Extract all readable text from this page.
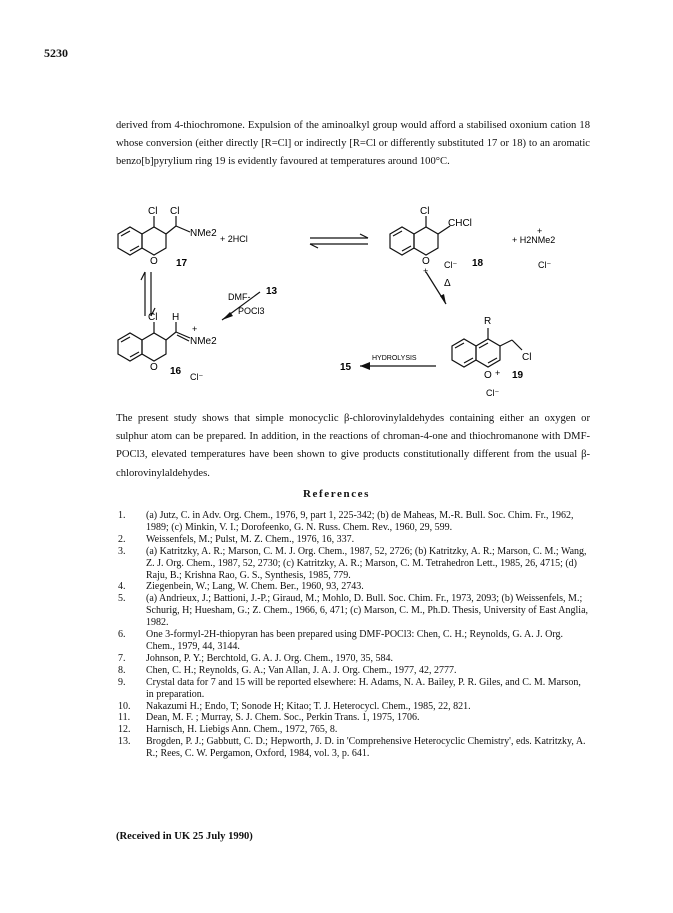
5230

derived from 4-thiochromone. Expulsion of the aminoalkyl group would afford a stabilised oxonium cation 18 whose conversion (either directly [R=Cl] or indirectly [R=Cl or differently substituted 17 or 18) to an aromatic benzo[b]pyrylium ring 19 is evidently favoured at temperatures around 100°C.

Cl Cl
NMe2
O 17
+ 2HCl
Cl
CHCl
O
+
Cl⁻ 18
+
+ H2NMe2
Cl⁻
13
DMF-
POCl3
Δ
Cl H
+
NMe2
O 16 Cl⁻
HYDROLYSIS
15
R
Cl
O + 19
Cl⁻

The present study shows that simple monocyclic β-chlorovinylaldehydes containing either an oxygen or sulphur atom can be prepared. In addition, in the reactions of chroman-4-one and thiochromanone with DMF-POCl3, elevated temperatures have been shown to give products constitutionally different from the usual β-chlorovinylaldehydes.

References
1.	(a) Jutz, C. in Adv. Org. Chem., 1976, 9, part 1, 225-342; (b) de Maheas, M.-R. Bull. Soc. Chim. Fr., 1962, 1989; (c) Minkin, V. I.; Dorofeenko, G. N. Russ. Chem. Rev., 1960, 29, 599.
2.	Weissenfels, M.; Pulst, M. Z. Chem., 1976, 16, 337.
3.	(a) Katritzky, A. R.; Marson, C. M. J. Org. Chem., 1987, 52, 2726; (b) Katritzky, A. R.; Marson, C. M.; Wang, Z. J. Org. Chem., 1987, 52, 2730; (c) Katritzky, A. R.; Marson, C. M. Tetrahedron Lett., 1985, 26, 4715; (d) Raju, B.; Krishna Rao, G. S., Synthesis, 1985, 779.
4.	Ziegenbein, W.; Lang, W. Chem. Ber., 1960, 93, 2743.
5.	(a) Andrieux, J.; Battioni, J.-P.; Giraud, M.; Mohlo, D. Bull. Soc. Chim. Fr., 1973, 2093; (b) Weissenfels, M.; Schurig, H; Huesham, G.; Z. Chem., 1966, 6, 471; (c) Marson, C. M., Ph.D. Thesis, University of East Anglia, 1982.
6.	One 3-formyl-2H-thiopyran has been prepared using DMF-POCl3: Chen, C. H.; Reynolds, G. A. J. Org. Chem., 1979, 44, 3144.
7.	Johnson, P. Y.; Berchtold, G. A. J. Org. Chem., 1970, 35, 584.
8.	Chen, C. H.; Reynolds, G. A.; Van Allan, J. A. J. Org. Chem., 1977, 42, 2777.
9.	Crystal data for 7 and 15 will be reported elsewhere: H. Adams, N. A. Bailey, P. R. Giles, and C. M. Marson, in preparation.
10.	Nakazumi H.; Endo, T; Sonode H; Kitao; T. J. Heterocycl. Chem., 1985, 22, 821.
11.	Dean, M. F. ; Murray, S. J. Chem. Soc., Perkin Trans. 1, 1975, 1706.
12.	Harnisch, H. Liebigs Ann. Chem., 1972, 765, 8.
13.	Brogden, P. J.; Gabbutt, C. D.; Hepworth, J. D. in 'Comprehensive Heterocyclic Chemistry', eds. Katritzky, A. R.; Rees, C. W. Pergamon, Oxford, 1984, vol. 3, p. 641.
(Received in UK 25 July 1990)
